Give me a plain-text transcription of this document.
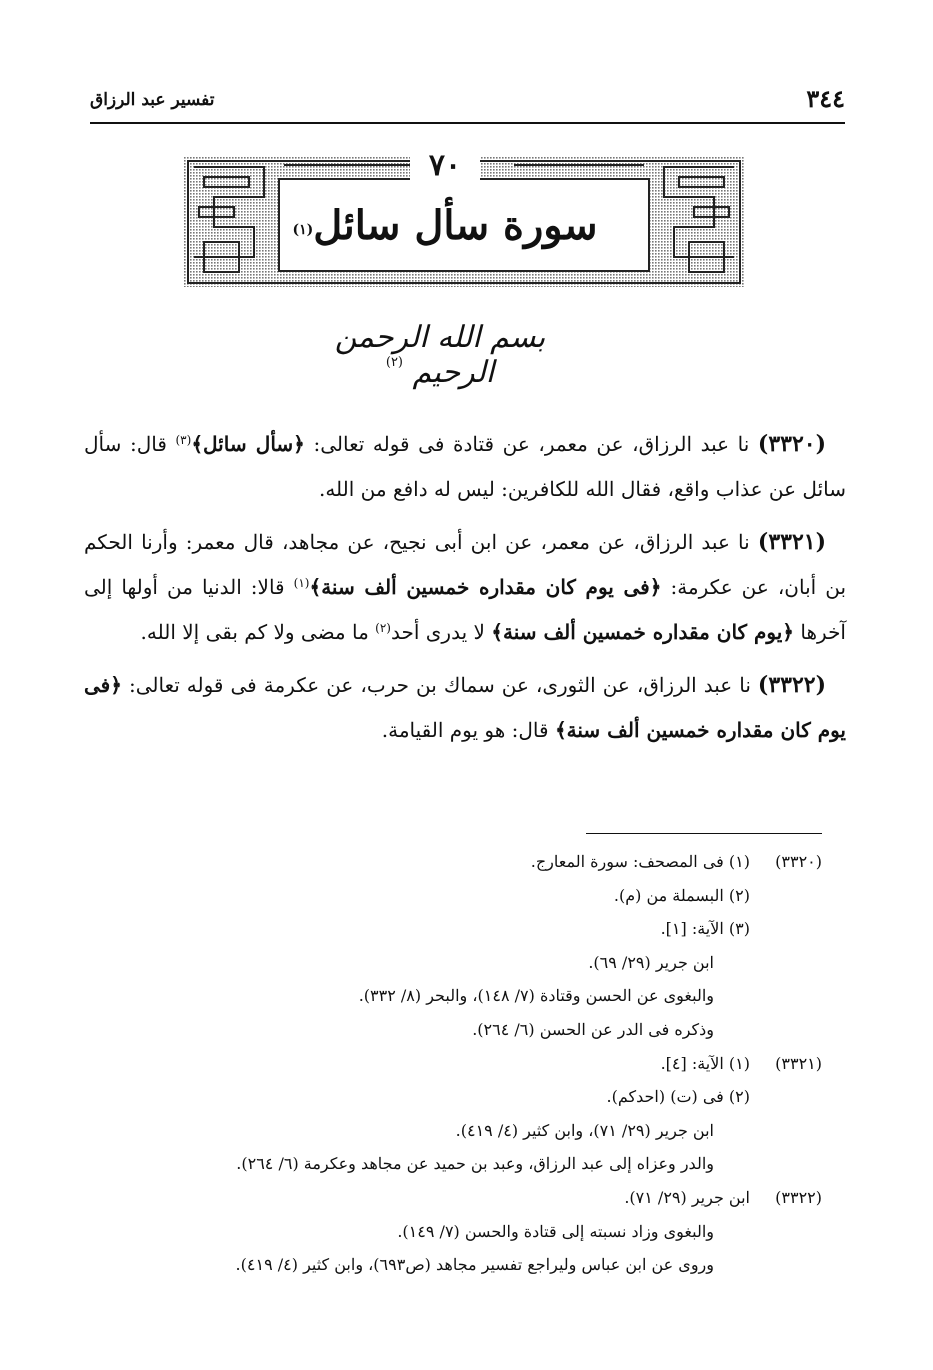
٣٤٤
تفسير عبد الرزاق
٧٠
سورة سأل سائل$^{(١)}$
بسم الله الرحمن الرحيم $^{(٢)}$

(٣٣٢٠) نا عبد الرزاق، عن معمر، عن قتادة فى قوله تعالى: ﴿سأل سائل﴾$^{(٣)}$ قال: سأل سائل عن عذاب واقع، فقال الله للكافرين: ليس له دافع من الله.

(٣٣٢١) نا عبد الرزاق، عن معمر، عن ابن أبى نجيح، عن مجاهد، قال معمر: وأرنا الحكم بن أبان، عن عكرمة: ﴿فى يوم كان مقداره خمسين ألف سنة﴾$^{(١)}$ قالا: الدنيا من أولها إلى آخرها ﴿يوم كان مقداره خمسين ألف سنة﴾ لا يدرى أحد$^{(٢)}$ ما مضى ولا كم بقى إلا الله.

(٣٣٢٢) نا عبد الرزاق، عن الثورى، عن سماك بن حرب، عن عكرمة فى قوله تعالى: ﴿فى يوم كان مقداره خمسين ألف سنة﴾ قال: هو يوم القيامة.

(٣٣٢٠)(١) فى المصحف: سورة المعارج.
(٢) البسملة من (م).
(٣) الآية: [١].
ابن جرير (٢٩/ ٦٩).
والبغوى عن الحسن وقتادة (٧/ ١٤٨)، والبحر (٨/ ٣٣٢).
وذكره فى الدر عن الحسن (٦/ ٢٦٤).
(٣٣٢١)(١) الآية: [٤].
(٢) فى (ت) (احدكم).
ابن جرير (٢٩/ ٧١)، وابن كثير (٤/ ٤١٩).
والدر وعزاه إلى عبد الرزاق، وعبد بن حميد عن مجاهد وعكرمة (٦/ ٢٦٤).
(٣٣٢٢)ابن جرير (٢٩/ ٧١).
والبغوى وزاد نسبته إلى قتادة والحسن (٧/ ١٤٩).
وروى عن ابن عباس وليراجع تفسير مجاهد (ص٦٩٣)، وابن كثير (٤/ ٤١٩).
